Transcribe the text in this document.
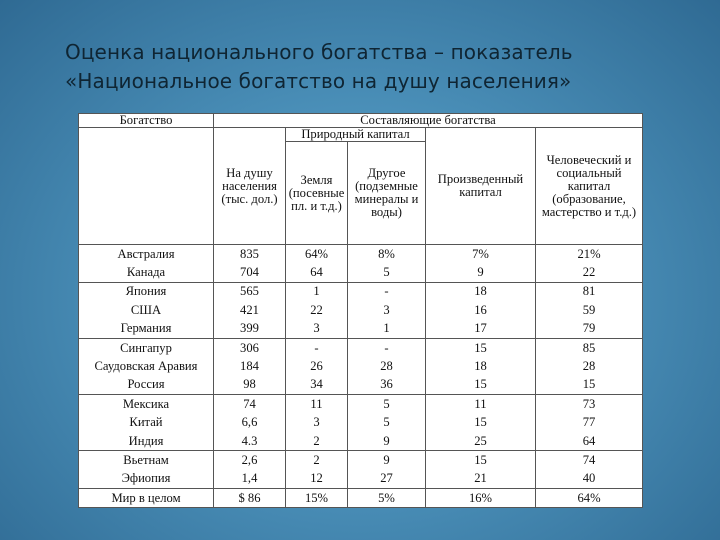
Оценка национального богатства – показатель
«Национальное богатство на душу населения»
Богатство	Составляющие богатства				
	На душу населения (тыс. дол.)	Природный капитал		Произведенный капитал	Человеческий и социальный капитал (образование, мастерство и т.д.)
		Земля (посевные пл. и т.д.)	Другое (подземные минералы и воды)		
Австралия	835	64%	8%	7%	21%
Канада	704	64	5	9	22
Япония	565	1	-	18	81
США	421	22	3	16	59
Германия	399	3	1	17	79
Сингапур	306	-	-	15	85
Саудовская Аравия	184	26	28	18	28
Россия	98	34	36	15	15
Мексика	74	11	5	11	73
Китай	6,6	3	5	15	77
Индия	4.3	2	9	25	64
Вьетнам	2,6	2	9	15	74
Эфиопия	1,4	12	27	21	40
Мир в целом	$ 86	15%	5%	16%	64%
